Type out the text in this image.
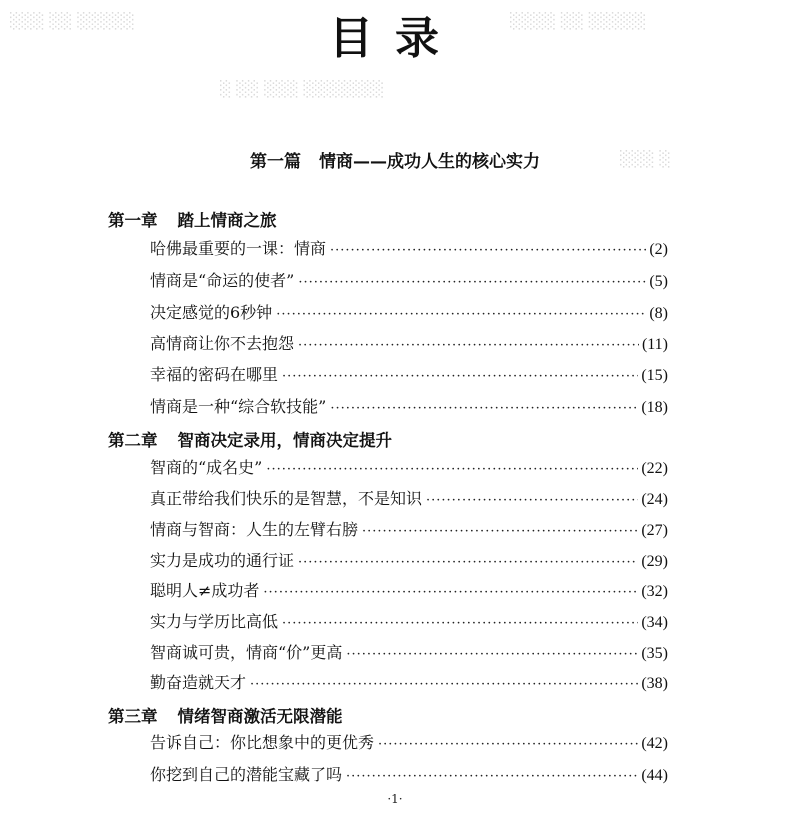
░░░ ░░ ░░░░░	░░░░ ░░ ░░░░░
░ ░░ ░░░ ░░░░░░░
░░░ ░
目录
第一篇 情商——成功人生的核心实力
第一章 踏上情商之旅
哈佛最重要的一课：情商 ·····	(2)
情商是“命运的使者” ·····	(5)
决定感觉的6秒钟 ·····	(8)
高情商让你不去抱怨 ·····	(11)
幸福的密码在哪里 ·····	(15)
情商是一种“综合软技能” ·····	(18)
第二章 智商决定录用，情商决定提升
智商的“成名史” ·····	(22)
真正带给我们快乐的是智慧，不是知识 ·····	(24)
情商与智商：人生的左臂右膀 ·····	(27)
实力是成功的通行证 ·····	(29)
聪明人≠成功者 ·····	(32)
实力与学历比高低 ·····	(34)
智商诚可贵，情商“价”更高 ·····	(35)
勤奋造就天才 ·····	(38)
第三章 情绪智商激活无限潜能
告诉自己：你比想象中的更优秀 ·····	(42)
你挖到自己的潜能宝藏了吗 ·····	(44)
·1·
